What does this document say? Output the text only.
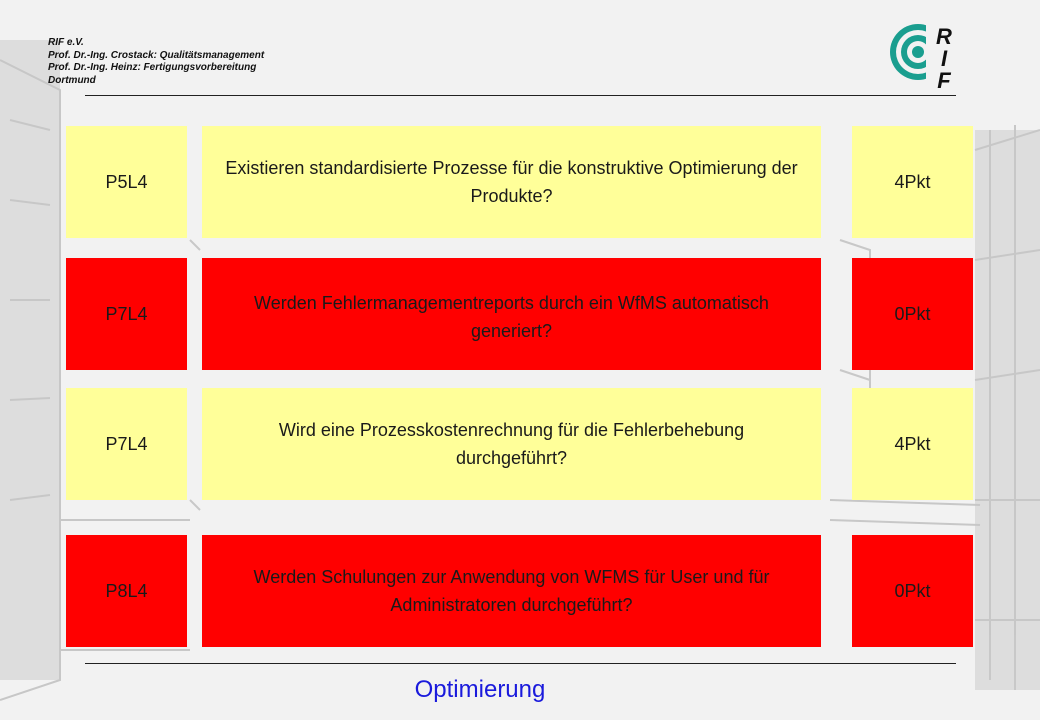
RIF e.V.
Prof. Dr.-Ing. Crostack: Qualitätsmanagement
Prof. Dr.-Ing. Heinz: Fertigungsvorbereitung
Dortmund
R
I
F
P5L4
Existieren standardisierte Prozesse für die konstruktive Optimierung der Produkte?
4Pkt
P7L4
Werden Fehlermanagementreports durch ein WfMS automatisch generiert?
0Pkt
P7L4
Wird eine Prozesskostenrechnung für die Fehlerbehebung durchgeführt?
4Pkt
P8L4
Werden Schulungen zur Anwendung von WFMS für User und für Administratoren durchgeführt?
0Pkt
Optimierung
